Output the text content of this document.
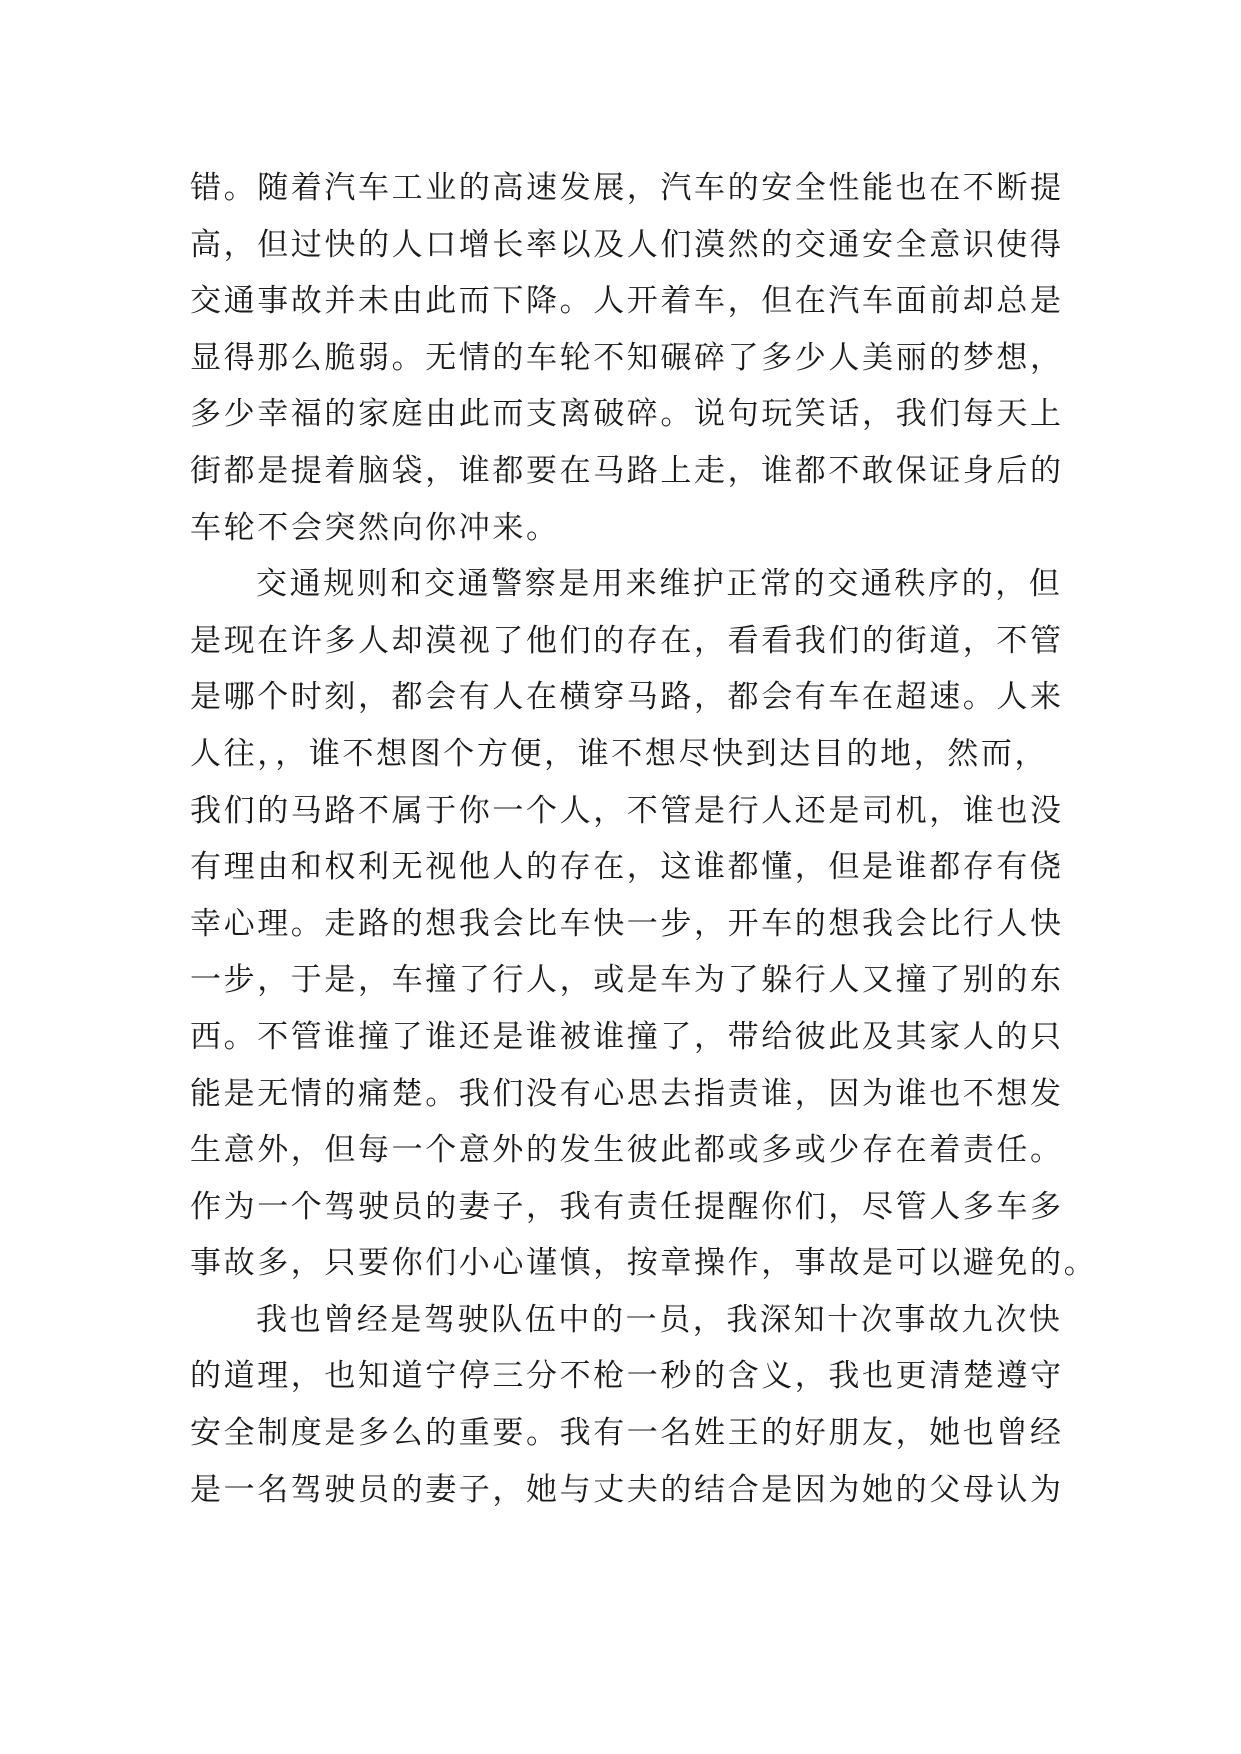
错。随着汽车工业的高速发展，汽车的安全性能也在不断提
高，但过快的人口增长率以及人们漠然的交通安全意识使得
交通事故并未由此而下降。人开着车，但在汽车面前却总是
显得那么脆弱。无情的车轮不知碾碎了多少人美丽的梦想，
多少幸福的家庭由此而支离破碎。说句玩笑话，我们每天上
街都是提着脑袋，谁都要在马路上走，谁都不敢保证身后的
车轮不会突然向你冲来。
交通规则和交通警察是用来维护正常的交通秩序的，但
是现在许多人却漠视了他们的存在，看看我们的街道，不管
是哪个时刻，都会有人在横穿马路，都会有车在超速。人来
人往，，谁不想图个方便，谁不想尽快到达目的地，然而，
我们的马路不属于你一个人，不管是行人还是司机，谁也没
有理由和权利无视他人的存在，这谁都懂，但是谁都存有侥
幸心理。走路的想我会比车快一步，开车的想我会比行人快
一步，于是，车撞了行人，或是车为了躲行人又撞了别的东
西。不管谁撞了谁还是谁被谁撞了，带给彼此及其家人的只
能是无情的痛楚。我们没有心思去指责谁，因为谁也不想发
生意外，但每一个意外的发生彼此都或多或少存在着责任。
作为一个驾驶员的妻子，我有责任提醒你们，尽管人多车多
事故多，只要你们小心谨慎，按章操作，事故是可以避免的。
我也曾经是驾驶队伍中的一员，我深知十次事故九次快
的道理，也知道宁停三分不枪一秒的含义，我也更清楚遵守
安全制度是多么的重要。我有一名姓王的好朋友，她也曾经
是一名驾驶员的妻子，她与丈夫的结合是因为她的父母认为
